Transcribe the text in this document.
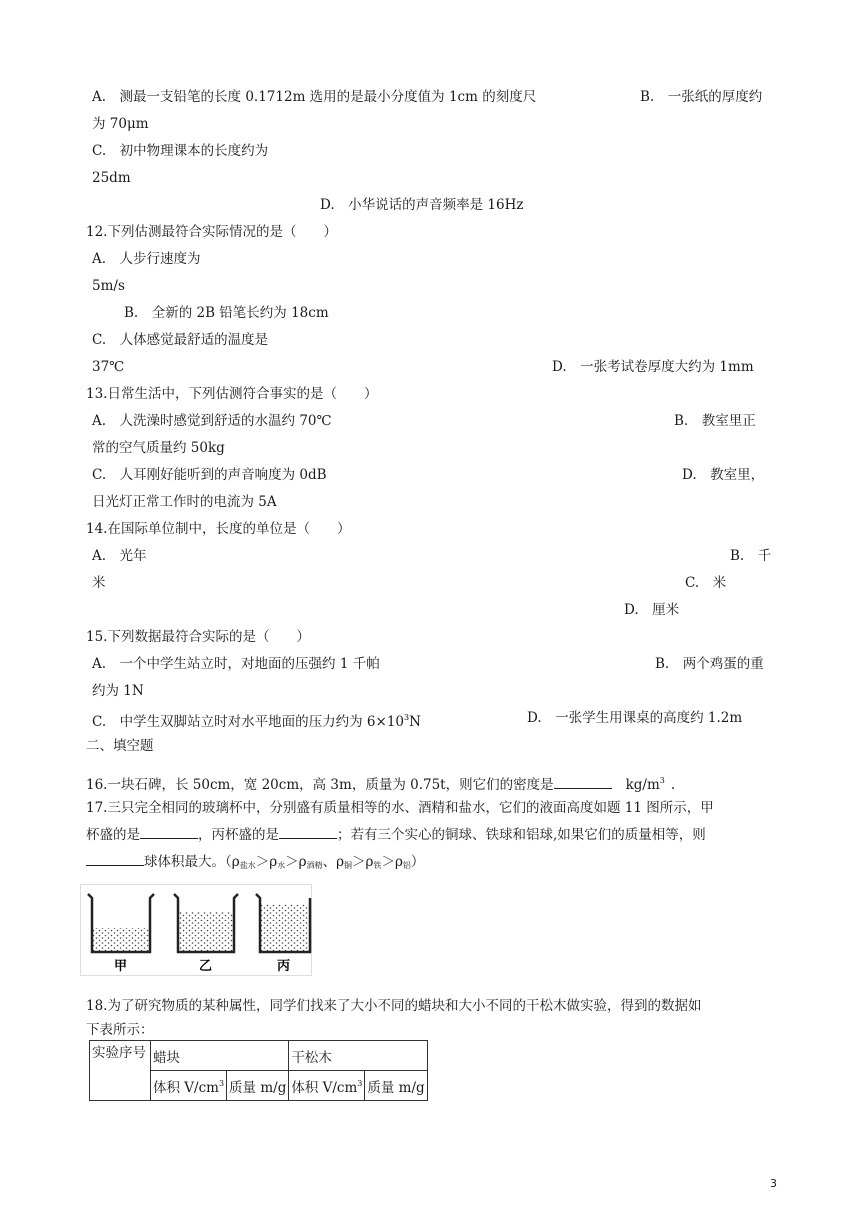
A.　测最一支铅笔的长度 0.1712m 选用的是最小分度值为 1cm 的刻度尺	B.　一张纸的厚度约
为 70μm
C.　初中物理课本的长度约为
25dm
D.　小华说话的声音频率是 16Hz
12.下列估测最符合实际情况的是（　　）
A.　人步行速度为
5m/s
B.　全新的 2B 铅笔长约为 18cm
C.　人体感觉最舒适的温度是
37℃	D.　一张考试卷厚度大约为 1mm
13.日常生活中，下列估测符合事实的是（　　）
A.　人洗澡时感觉到舒适的水温约 70℃	B.　教室里正
常的空气质量约 50kg
C.　人耳刚好能听到的声音响度为 0dB	D.　教室里，
日光灯正常工作时的电流为 5A
14.在国际单位制中，长度的单位是（　　）
A.　光年	B.　千
米	C.　米
D.　厘米
15.下列数据最符合实际的是（　　）
A.　一个中学生站立时，对地面的压强约 1 千帕	B.　两个鸡蛋的重
约为 1N
C.　中学生双脚站立时对水平地面的压力约为 $6\times 10^3N$	D.　一张学生用课桌的高度约 1.2m
二、填空题
16.一块石碑，长 50cm，宽 20cm，高 3m，质量为 0.75t，则它们的密度是	$kg/m^3$ .
17.三只完全相同的玻璃杯中，分别盛有质量相等的水、酒精和盐水，它们的液面高度如题 11 图所示，甲
杯盛的是	，丙杯盛的是	；若有三个实心的铜球、铁球和铝球,如果它们的质量相等，则
球体积最大。（ρ盐水＞ρ水＞ρ酒精、ρ铜＞ρ铁＞ρ铝）
甲	乙	丙
18.为了研究物质的某种属性，同学们找来了大小不同的蜡块和大小不同的干松木做实验，得到的数据如
下表所示：
实验序号	蜡块		干松木	
	体积 $V/cm^3$	质量 m/g	体积 $V/cm^3$	质量 m/g
3
